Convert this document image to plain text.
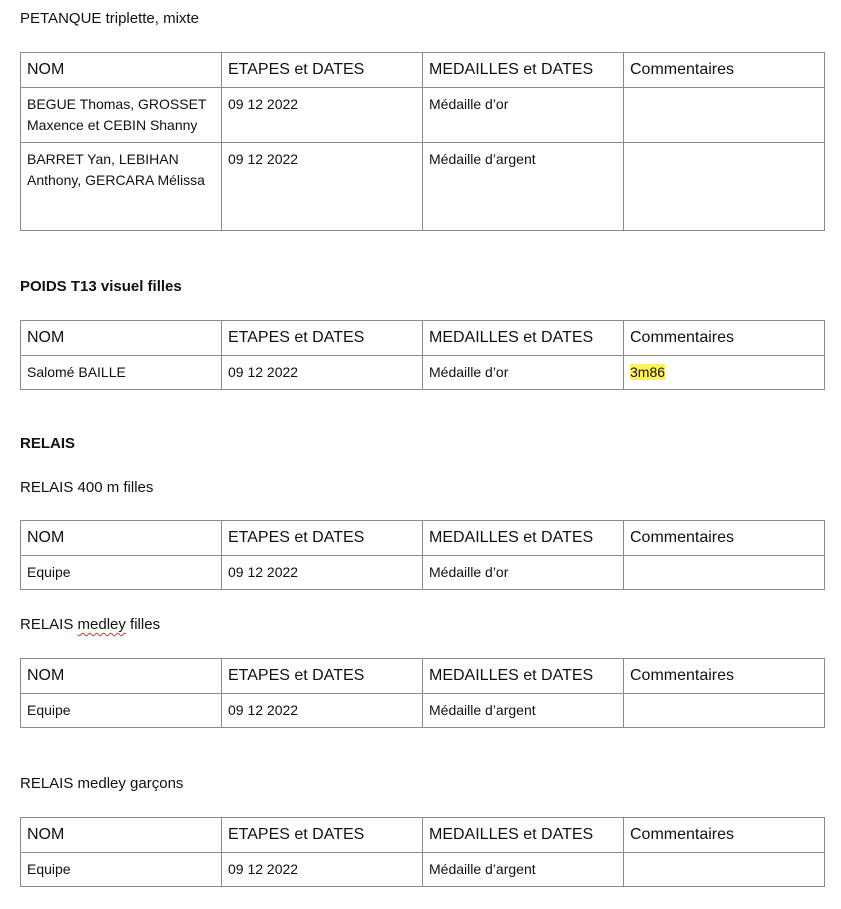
PETANQUE triplette, mixte
NOM	ETAPES et DATES	MEDAILLES et DATES	Commentaires
BEGUE Thomas, GROSSET Maxence et CEBIN Shanny	09 12 2022	Médaille d’or	
BARRET Yan, LEBIHAN Anthony, GERCARA Mélissa	09 12 2022	Médaille d’argent	
POIDS T13 visuel filles
NOM	ETAPES et DATES	MEDAILLES et DATES	Commentaires
Salomé BAILLE	09 12 2022	Médaille d’or	3m86
RELAIS
RELAIS 400 m filles
NOM	ETAPES et DATES	MEDAILLES et DATES	Commentaires
Equipe	09 12 2022	Médaille d’or	
RELAIS medley filles
NOM	ETAPES et DATES	MEDAILLES et DATES	Commentaires
Equipe	09 12 2022	Médaille d’argent	
RELAIS medley garçons
NOM	ETAPES et DATES	MEDAILLES et DATES	Commentaires
Equipe	09 12 2022	Médaille d’argent	
